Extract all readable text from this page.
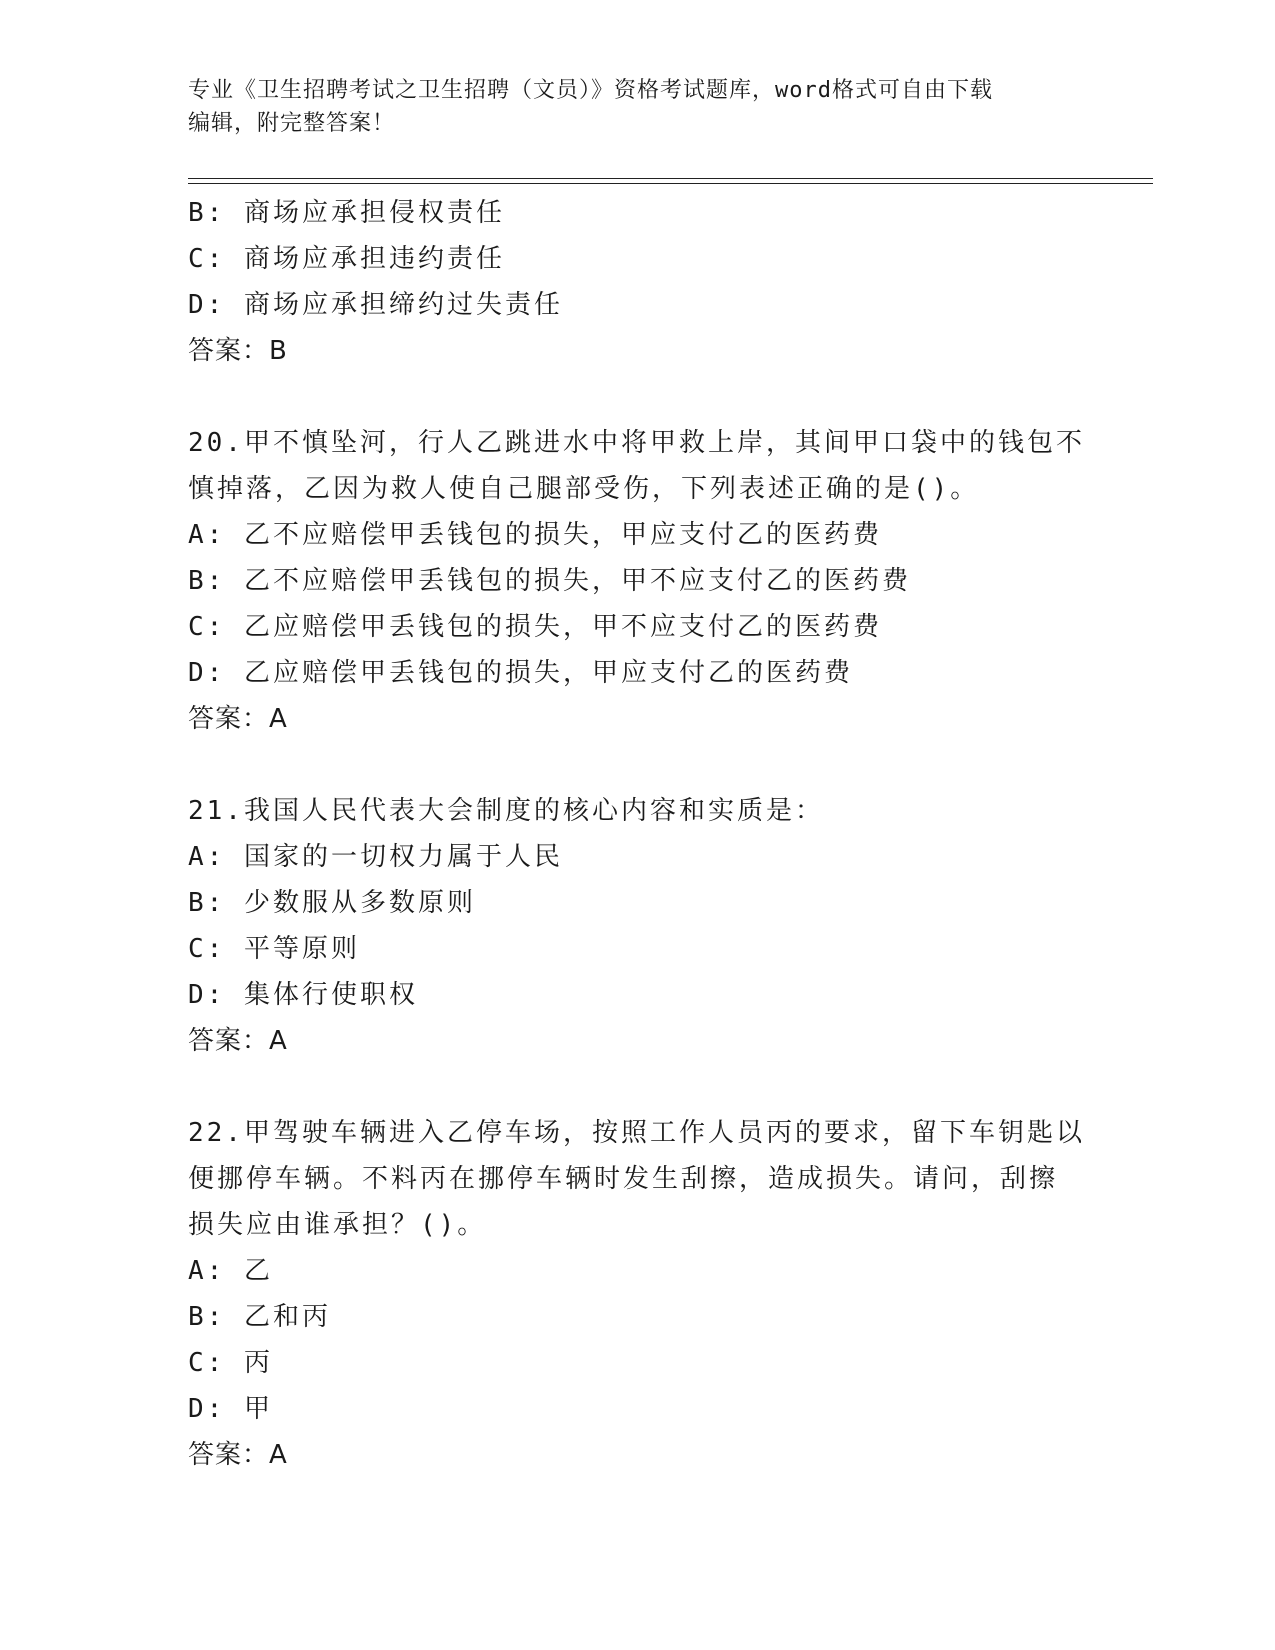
专业《卫生招聘考试之卫生招聘（文员）》资格考试题库，word格式可自由下载
编辑，附完整答案！
B: 商场应承担侵权责任
C: 商场应承担违约责任
D: 商场应承担缔约过失责任
答案：B
20.甲不慎坠河，行人乙跳进水中将甲救上岸，其间甲口袋中的钱包不
慎掉落，乙因为救人使自己腿部受伤，下列表述正确的是()。
A: 乙不应赔偿甲丢钱包的损失，甲应支付乙的医药费
B: 乙不应赔偿甲丢钱包的损失，甲不应支付乙的医药费
C: 乙应赔偿甲丢钱包的损失，甲不应支付乙的医药费
D: 乙应赔偿甲丢钱包的损失，甲应支付乙的医药费
答案：A
21.我国人民代表大会制度的核心内容和实质是：
A: 国家的一切权力属于人民
B: 少数服从多数原则
C: 平等原则
D: 集体行使职权
答案：A
22.甲驾驶车辆进入乙停车场，按照工作人员丙的要求，留下车钥匙以
便挪停车辆。不料丙在挪停车辆时发生刮擦，造成损失。请问，刮擦
损失应由谁承担？()。
A: 乙
B: 乙和丙
C: 丙
D: 甲
答案：A
